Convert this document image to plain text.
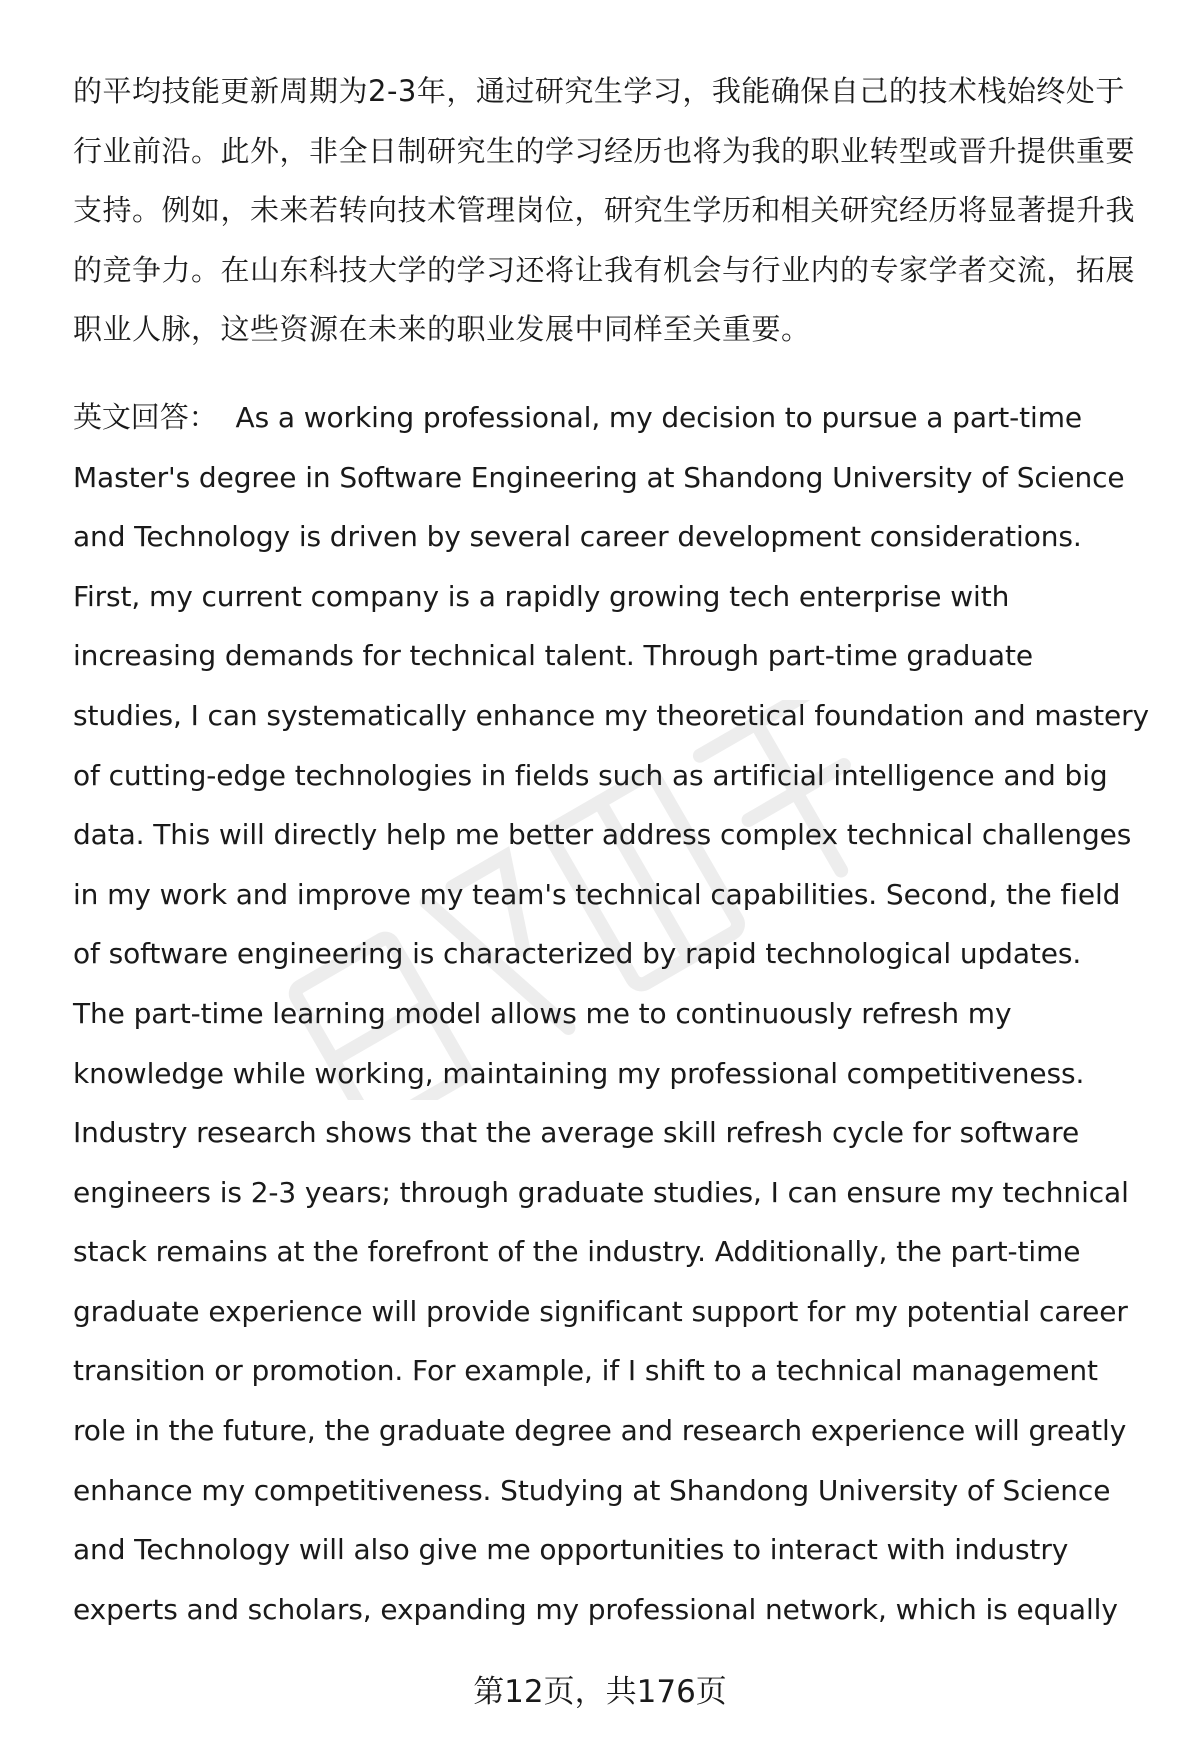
的平均技能更新周期为2-3年，通过研究生学习，我能确保自己的技术栈始终处于
行业前沿。此外，非全日制研究生的学习经历也将为我的职业转型或晋升提供重要
支持。例如，未来若转向技术管理岗位，研究生学历和相关研究经历将显著提升我
的竞争力。在山东科技大学的学习还将让我有机会与行业内的专家学者交流，拓展
职业人脉，这些资源在未来的职业发展中同样至关重要。
英文回答： As a working professional, my decision to pursue a part-time
Master's degree in Software Engineering at Shandong University of Science
and Technology is driven by several career development considerations.
First, my current company is a rapidly growing tech enterprise with
increasing demands for technical talent. Through part-time graduate
studies, I can systematically enhance my theoretical foundation and mastery
of cutting-edge technologies in fields such as artificial intelligence and big
data. This will directly help me better address complex technical challenges
in my work and improve my team's technical capabilities. Second, the field
of software engineering is characterized by rapid technological updates.
The part-time learning model allows me to continuously refresh my
knowledge while working, maintaining my professional competitiveness.
Industry research shows that the average skill refresh cycle for software
engineers is 2-3 years; through graduate studies, I can ensure my technical
stack remains at the forefront of the industry. Additionally, the part-time
graduate experience will provide significant support for my potential career
transition or promotion. For example, if I shift to a technical management
role in the future, the graduate degree and research experience will greatly
enhance my competitiveness. Studying at Shandong University of Science
and Technology will also give me opportunities to interact with industry
experts and scholars, expanding my professional network, which is equally
第12页，共176页
